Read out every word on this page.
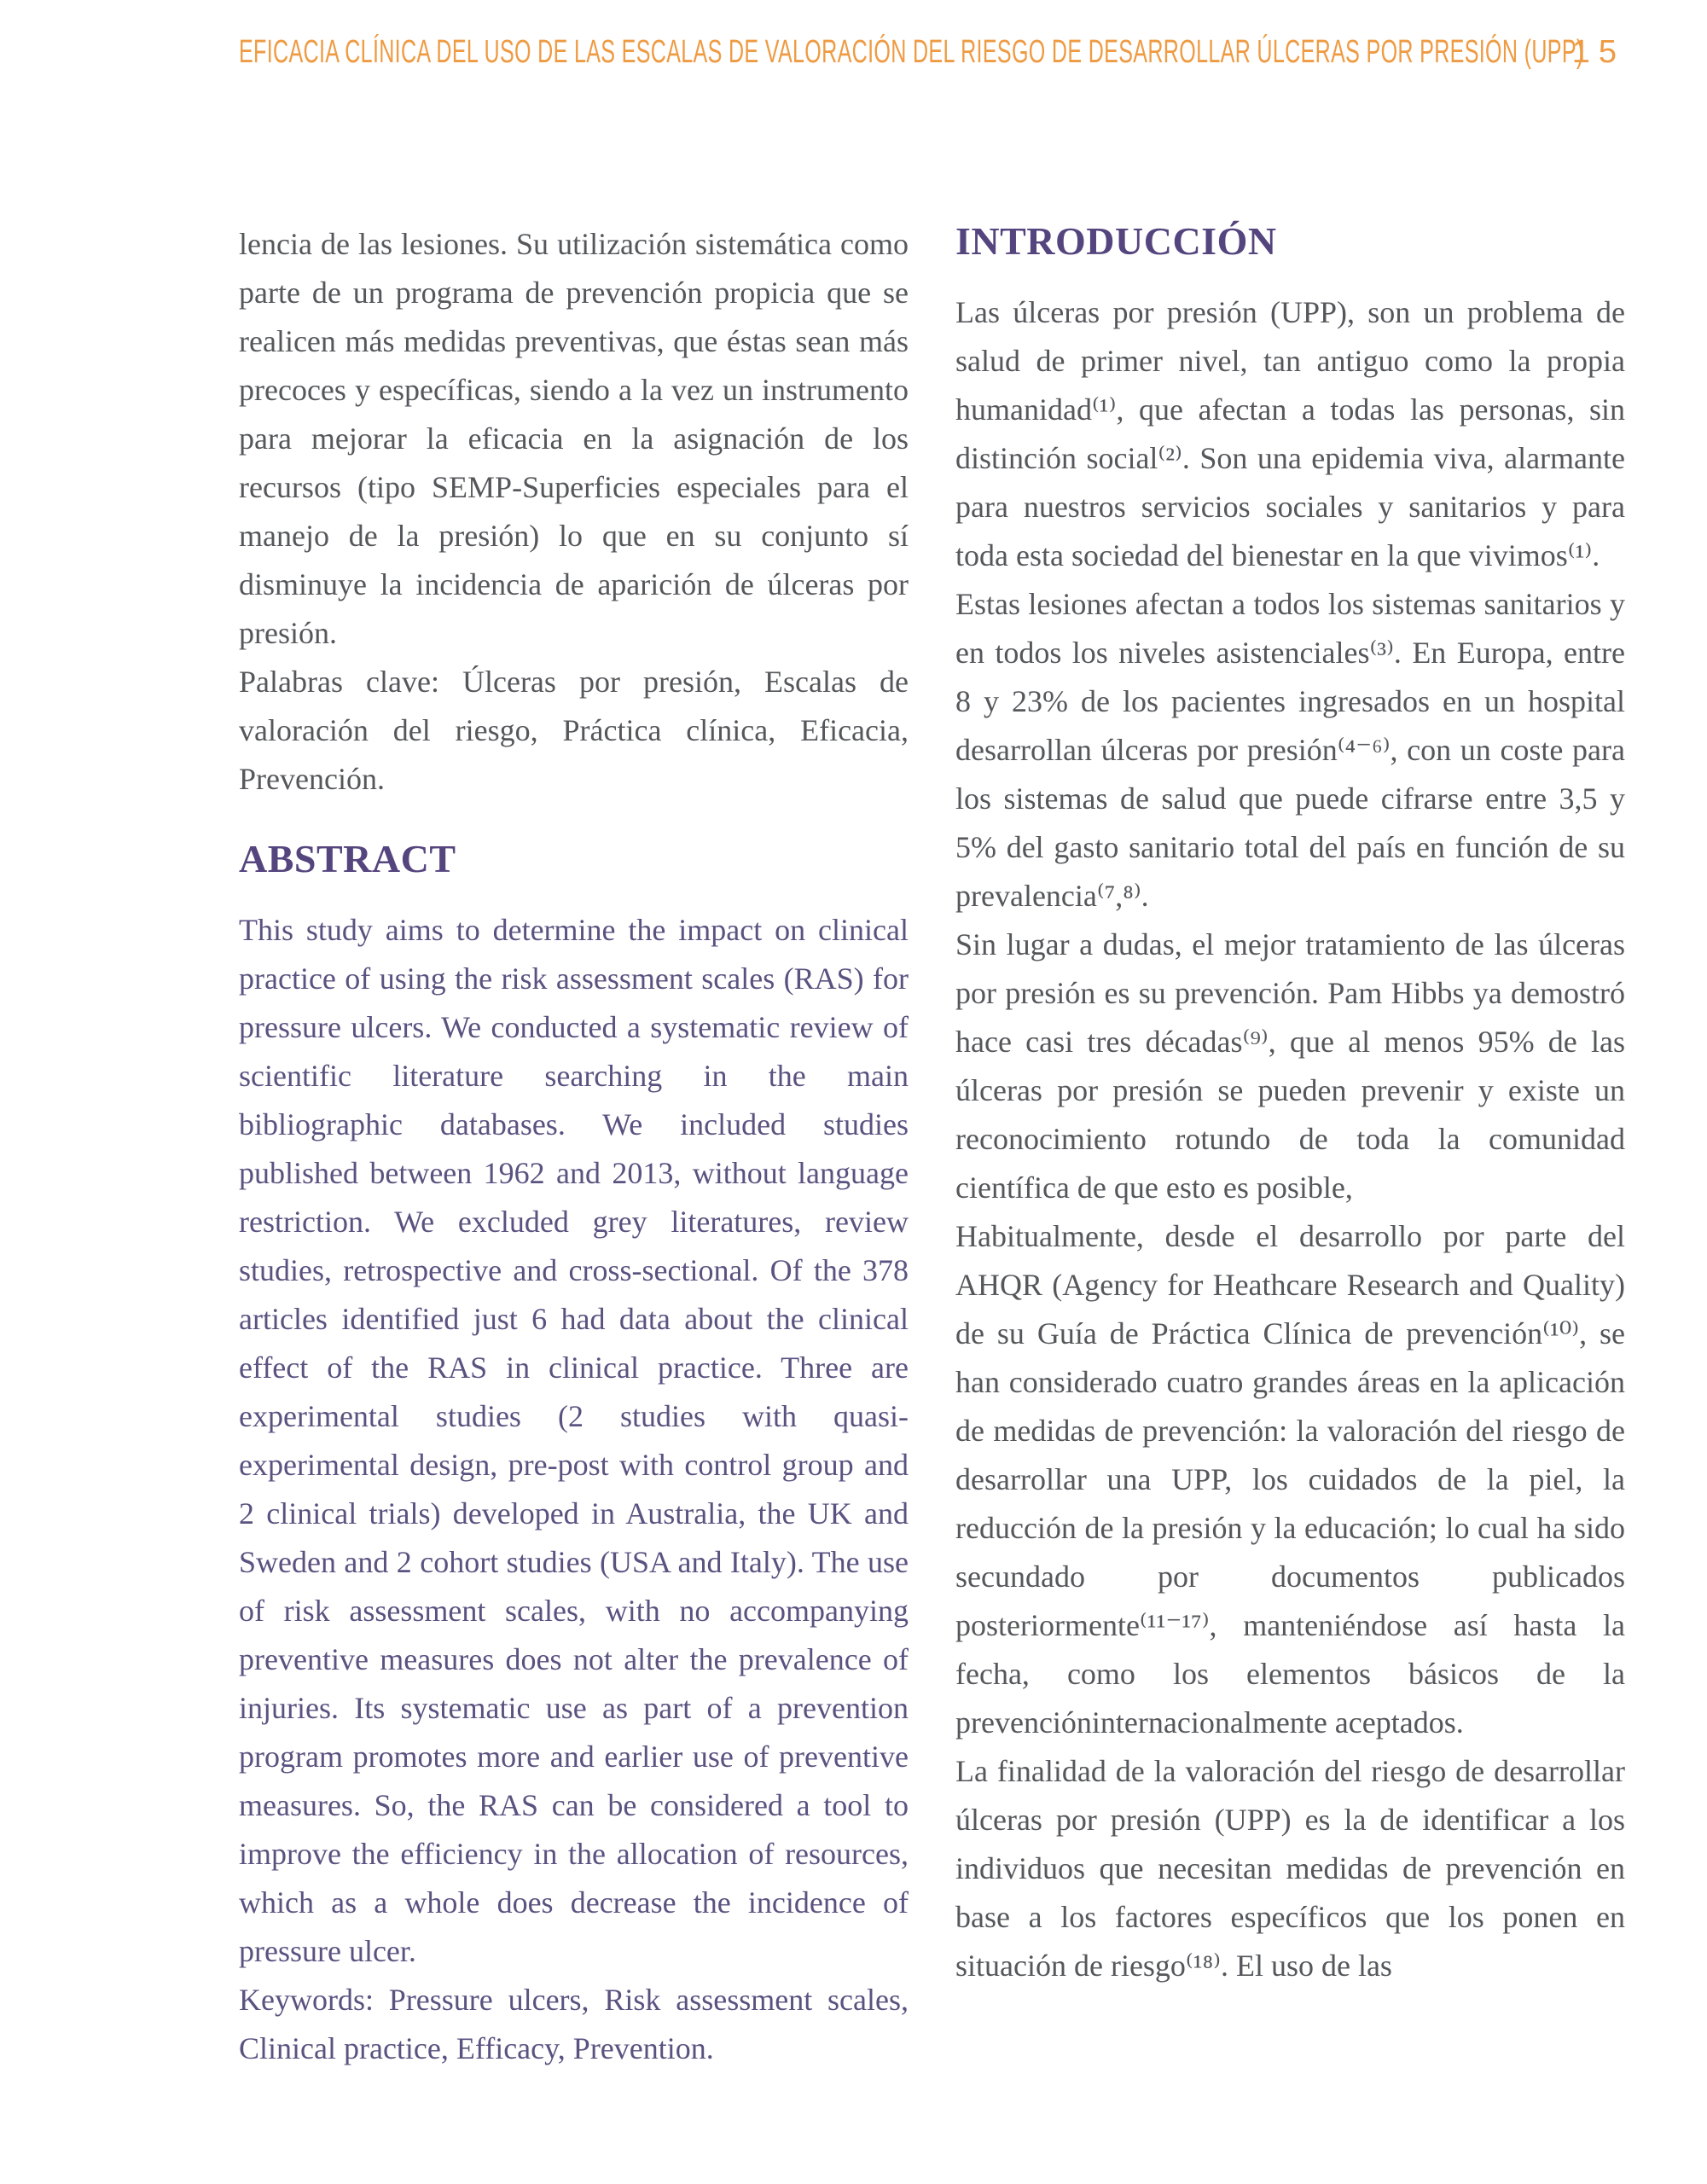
EFICACIA CLÍNICA DEL USO DE LAS ESCALAS DE VALORACIÓN DEL RIESGO DE DESARROLLAR ÚLCERAS POR PRESIÓN (UPP)
15

lencia de las lesiones. Su utilización sistemática como parte de un programa de prevención propicia que se realicen más medidas preventivas, que éstas sean más precoces y específicas, siendo a la vez un instrumento para mejorar la eficacia en la asignación de los recursos (tipo SEMP-Superficies especiales para el manejo de la presión) lo que en su conjunto sí disminuye la incidencia de aparición de úlceras por presión.

Palabras clave: Úlceras por presión, Escalas de valoración del riesgo, Práctica clínica, Eficacia, Prevención.

ABSTRACT

This study aims to determine the impact on clinical practice of using the risk assessment scales (RAS) for pressure ulcers. We conducted a systematic review of scientific literature searching in the main bibliographic databases. We included studies published between 1962 and 2013, without language restriction. We excluded grey literatures, review studies, retrospective and cross-sectional. Of the 378 articles identified just 6 had data about the clinical effect of the RAS in clinical practice. Three are experimental studies (2 studies with quasi-experimental design, pre-post with control group and 2 clinical trials) developed in Australia, the UK and Sweden and 2 cohort studies (USA and Italy). The use of risk assessment scales, with no accompanying preventive measures does not alter the prevalence of injuries. Its systematic use as part of a prevention program promotes more and earlier use of preventive measures. So, the RAS can be considered a tool to improve the efficiency in the allocation of resources, which as a whole does decrease the incidence of pressure ulcer.

Keywords: Pressure ulcers, Risk assessment scales, Clinical practice, Efficacy, Prevention.

INTRODUCCIÓN

Las úlceras por presión (UPP), son un problema de salud de primer nivel, tan antiguo como la propia humanidad⁽¹⁾, que afectan a todas las personas, sin distinción social⁽²⁾. Son una epidemia viva, alarmante para nuestros servicios sociales y sanitarios y para toda esta sociedad del bienestar en la que vivimos⁽¹⁾.

Estas lesiones afectan a todos los sistemas sanitarios y en todos los niveles asistenciales⁽³⁾. En Europa, entre 8 y 23% de los pacientes ingresados en un hospital desarrollan úlceras por presión⁽⁴⁻⁶⁾, con un coste para los sistemas de salud que puede cifrarse entre 3,5 y 5% del gasto sanitario total del país en función de su prevalencia⁽⁷,⁸⁾.

Sin lugar a dudas, el mejor tratamiento de las úlceras por presión es su prevención. Pam Hibbs ya demostró hace casi tres décadas⁽⁹⁾, que al menos 95% de las úlceras por presión se pueden prevenir y existe un reconocimiento rotundo de toda la comunidad científica de que esto es posible,

Habitualmente, desde el desarrollo por parte del AHQR (Agency for Heathcare Research and Quality) de su Guía de Práctica Clínica de prevención⁽¹⁰⁾, se han considerado cuatro grandes áreas en la aplicación de medidas de prevención: la valoración del riesgo de desarrollar una UPP, los cuidados de la piel, la reducción de la presión y la educación; lo cual ha sido secundado por documentos publicados posteriormente⁽¹¹⁻¹⁷⁾, manteniéndose así hasta la fecha, como los elementos básicos de la prevencióninternacionalmente aceptados.

La finalidad de la valoración del riesgo de desarrollar úlceras por presión (UPP) es la de identificar a los individuos que necesitan medidas de prevención en base a los factores específicos que los ponen en situación de riesgo⁽¹⁸⁾. El uso de las
